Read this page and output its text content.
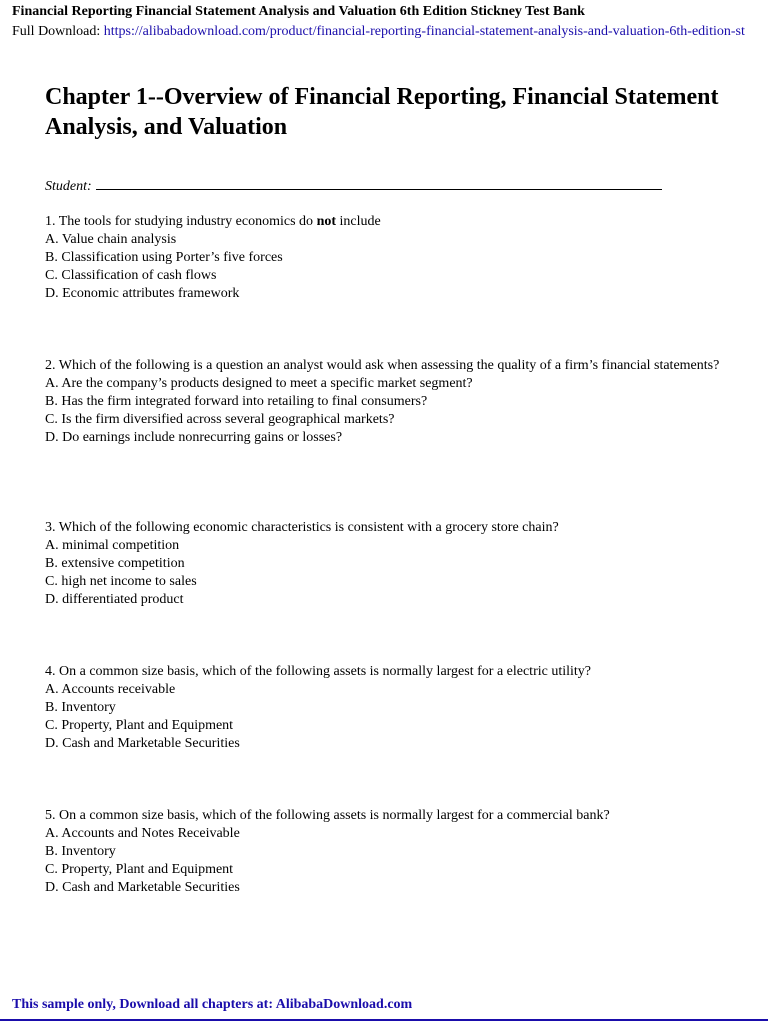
Financial Reporting Financial Statement Analysis and Valuation 6th Edition Stickney Test Bank
Full Download: https://alibabadownload.com/product/financial-reporting-financial-statement-analysis-and-valuation-6th-edition-st
Chapter 1--Overview of Financial Reporting, Financial Statement Analysis, and Valuation
Student:
1. The tools for studying industry economics do not include
A. Value chain analysis
B. Classification using Porter’s five forces
C. Classification of cash flows
D. Economic attributes framework
2. Which of the following is a question an analyst would ask when assessing the quality of a firm’s financial statements?
A. Are the company’s products designed to meet a specific market segment?
B. Has the firm integrated forward into retailing to final consumers?
C. Is the firm diversified across several geographical markets?
D. Do earnings include nonrecurring gains or losses?
3. Which of the following economic characteristics is consistent with a grocery store chain?
A. minimal competition
B. extensive competition
C. high net income to sales
D. differentiated product
4. On a common size basis, which of the following assets is normally largest for a electric utility?
A. Accounts receivable
B. Inventory
C. Property, Plant and Equipment
D. Cash and Marketable Securities
5. On a common size basis, which of the following assets is normally largest for a commercial bank?
A. Accounts and Notes Receivable
B. Inventory
C. Property, Plant and Equipment
D. Cash and Marketable Securities
This sample only, Download all chapters at: AlibabaDownload.com
